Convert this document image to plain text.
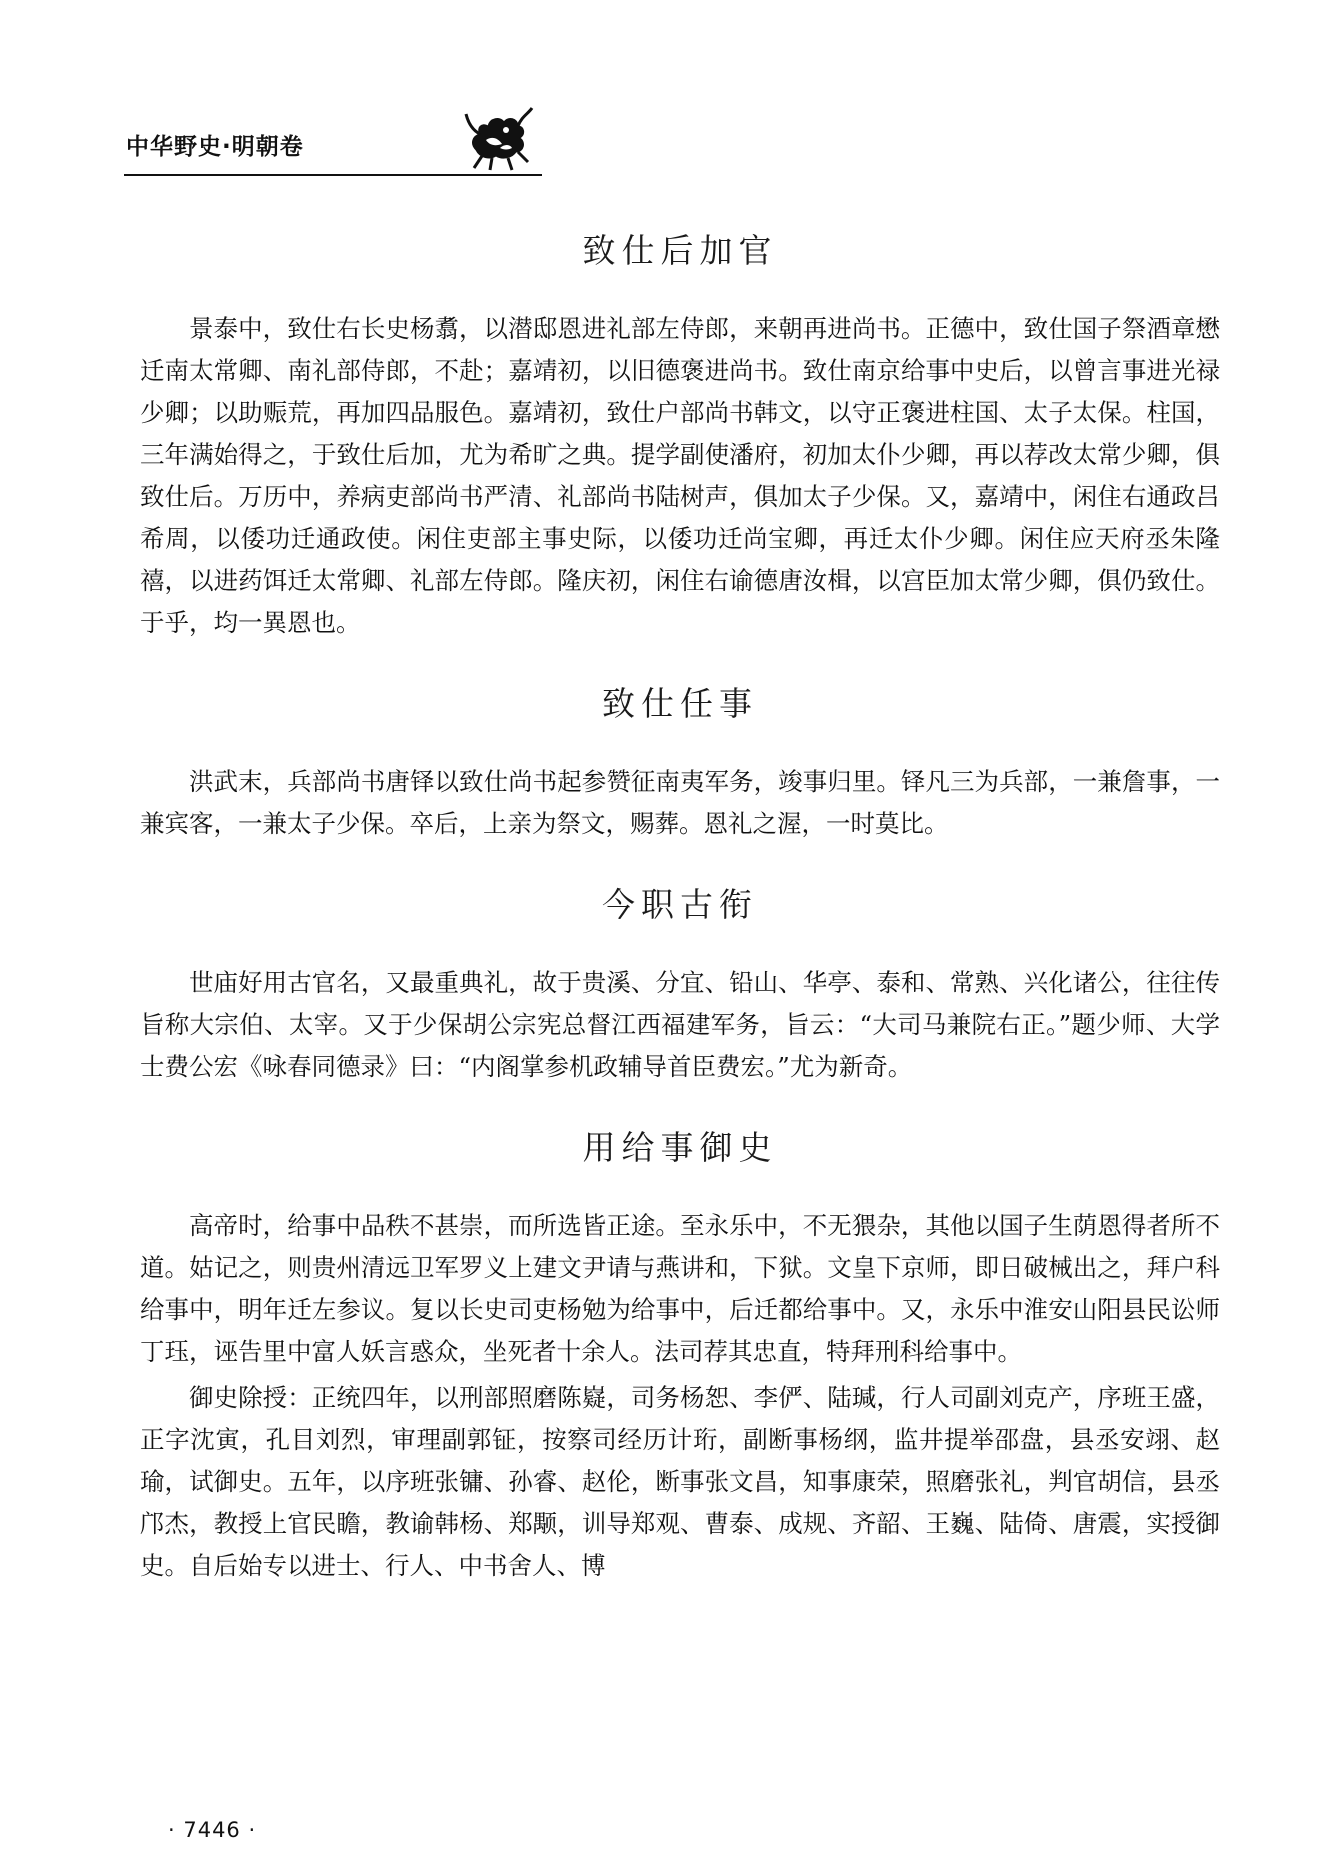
中华野史·明朝卷
致仕后加官

景泰中，致仕右长史杨翥，以潜邸恩进礼部左侍郎，来朝再进尚书。正德中，致仕国子祭酒章懋迁南太常卿、南礼部侍郎，不赴；嘉靖初，以旧德褒进尚书。致仕南京给事中史后，以曾言事进光禄少卿；以助赈荒，再加四品服色。嘉靖初，致仕户部尚书韩文，以守正褒进柱国、太子太保。柱国，三年满始得之，于致仕后加，尤为希旷之典。提学副使潘府，初加太仆少卿，再以荐改太常少卿，俱致仕后。万历中，养病吏部尚书严清、礼部尚书陆树声，俱加太子少保。又，嘉靖中，闲住右通政吕希周，以倭功迁通政使。闲住吏部主事史际，以倭功迁尚宝卿，再迁太仆少卿。闲住应天府丞朱隆禧，以进药饵迁太常卿、礼部左侍郎。隆庆初，闲住右谕德唐汝楫，以宫臣加太常少卿，俱仍致仕。于乎，均一異恩也。

致仕任事

洪武末，兵部尚书唐铎以致仕尚书起参赞征南夷军务，竣事归里。铎凡三为兵部，一兼詹事，一兼宾客，一兼太子少保。卒后，上亲为祭文，赐葬。恩礼之渥，一时莫比。

今职古衔

世庙好用古官名，又最重典礼，故于贵溪、分宜、铅山、华亭、泰和、常熟、兴化诸公，往往传旨称大宗伯、太宰。又于少保胡公宗宪总督江西福建军务，旨云：“大司马兼院右正。”题少师、大学士费公宏《咏春同德录》曰：“内阁掌参机政辅导首臣费宏。”尤为新奇。

用给事御史

高帝时，给事中品秩不甚崇，而所选皆正途。至永乐中，不无猥杂，其他以国子生荫恩得者所不道。姑记之，则贵州清远卫军罗义上建文尹请与燕讲和，下狱。文皇下京师，即日破械出之，拜户科给事中，明年迁左参议。复以长史司吏杨勉为给事中，后迁都给事中。又，永乐中淮安山阳县民讼师丁珏，诬告里中富人妖言惑众，坐死者十余人。法司荐其忠直，特拜刑科给事中。

御史除授：正统四年，以刑部照磨陈嶷，司务杨恕、李俨、陆瑊，行人司副刘克产，序班王盛，正字沈寅，孔目刘烈，审理副郭钲，按察司经历计珩，副断事杨纲，监井提举邵盘，县丞安翊、赵瑜，试御史。五年，以序班张镛、孙睿、赵伦，断事张文昌，知事康荣，照磨张礼，判官胡信，县丞邝杰，教授上官民瞻，教谕韩杨、郑颙，训导郑观、曹泰、成规、齐韶、王巍、陆倚、唐震，实授御史。自后始专以进士、行人、中书舍人、博

· 7446 ·
